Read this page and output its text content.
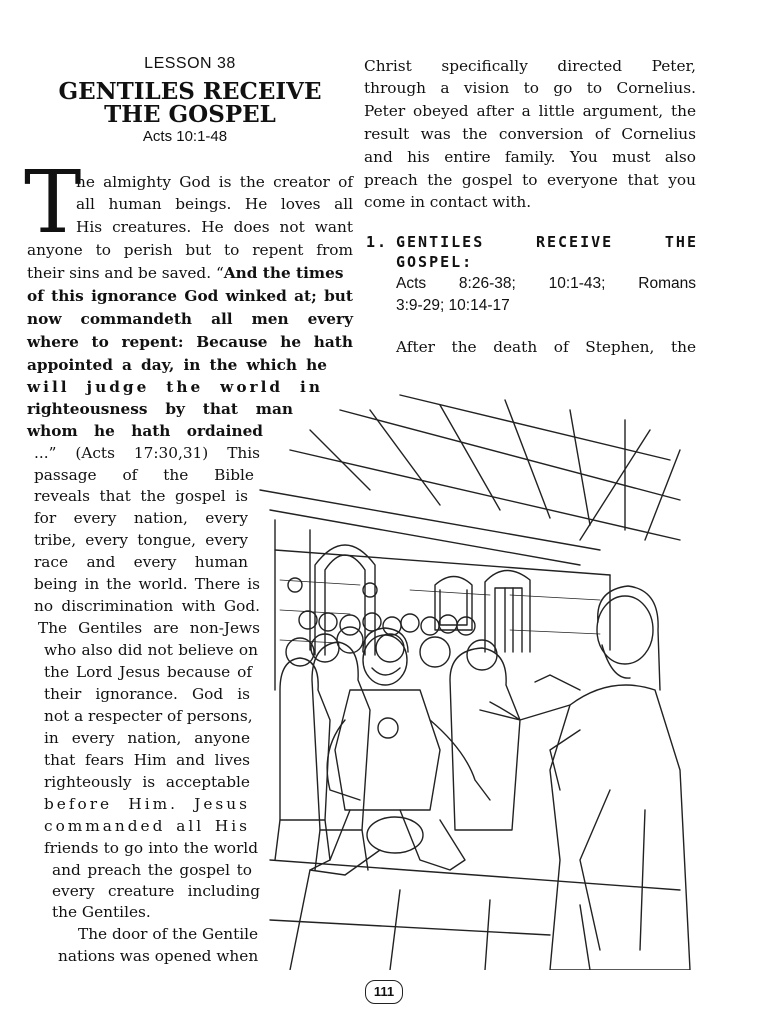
LESSON 38
GENTILES RECEIVE
THE GOSPEL
Acts 10:1-48
T
he almighty God is the creator of
all human beings. He loves all
His creatures. He does not want
anyone to perish but to repent from
their sins and be saved. “And the times
of this ignorance God winked at; but
now commandeth all men every
where to repent: Because he hath
appointed a day, in the which he
will judge the world in
righteousness by that man
whom he hath ordained
...” (Acts 17:30,31) This
passage of the Bible
reveals that the gospel is
for every nation, every
tribe, every tongue, every
race and every human
being in the world. There is
no discrimination with God.
The Gentiles are non-Jews
who also did not believe on
the Lord Jesus because of
their ignorance. God is
not a respecter of persons,
in every nation, anyone
that fears Him and lives
righteously is acceptable
before Him. Jesus
commanded all His
friends to go into the world
and preach the gospel to
every creature including
the Gentiles.
The door of the Gentile
nations was opened when
Christ specifically directed Peter,
through a vision to go to Cornelius.
Peter obeyed after a little argument, the
result was the conversion of Cornelius
and his entire family. You must also
preach the gospel to everyone that you
come in contact with.
1. GENTILES RECEIVE THE
GOSPEL:
Acts 8:26-38; 10:1-43; Romans
3:9-29; 10:14-17
After the death of Stephen, the
111
